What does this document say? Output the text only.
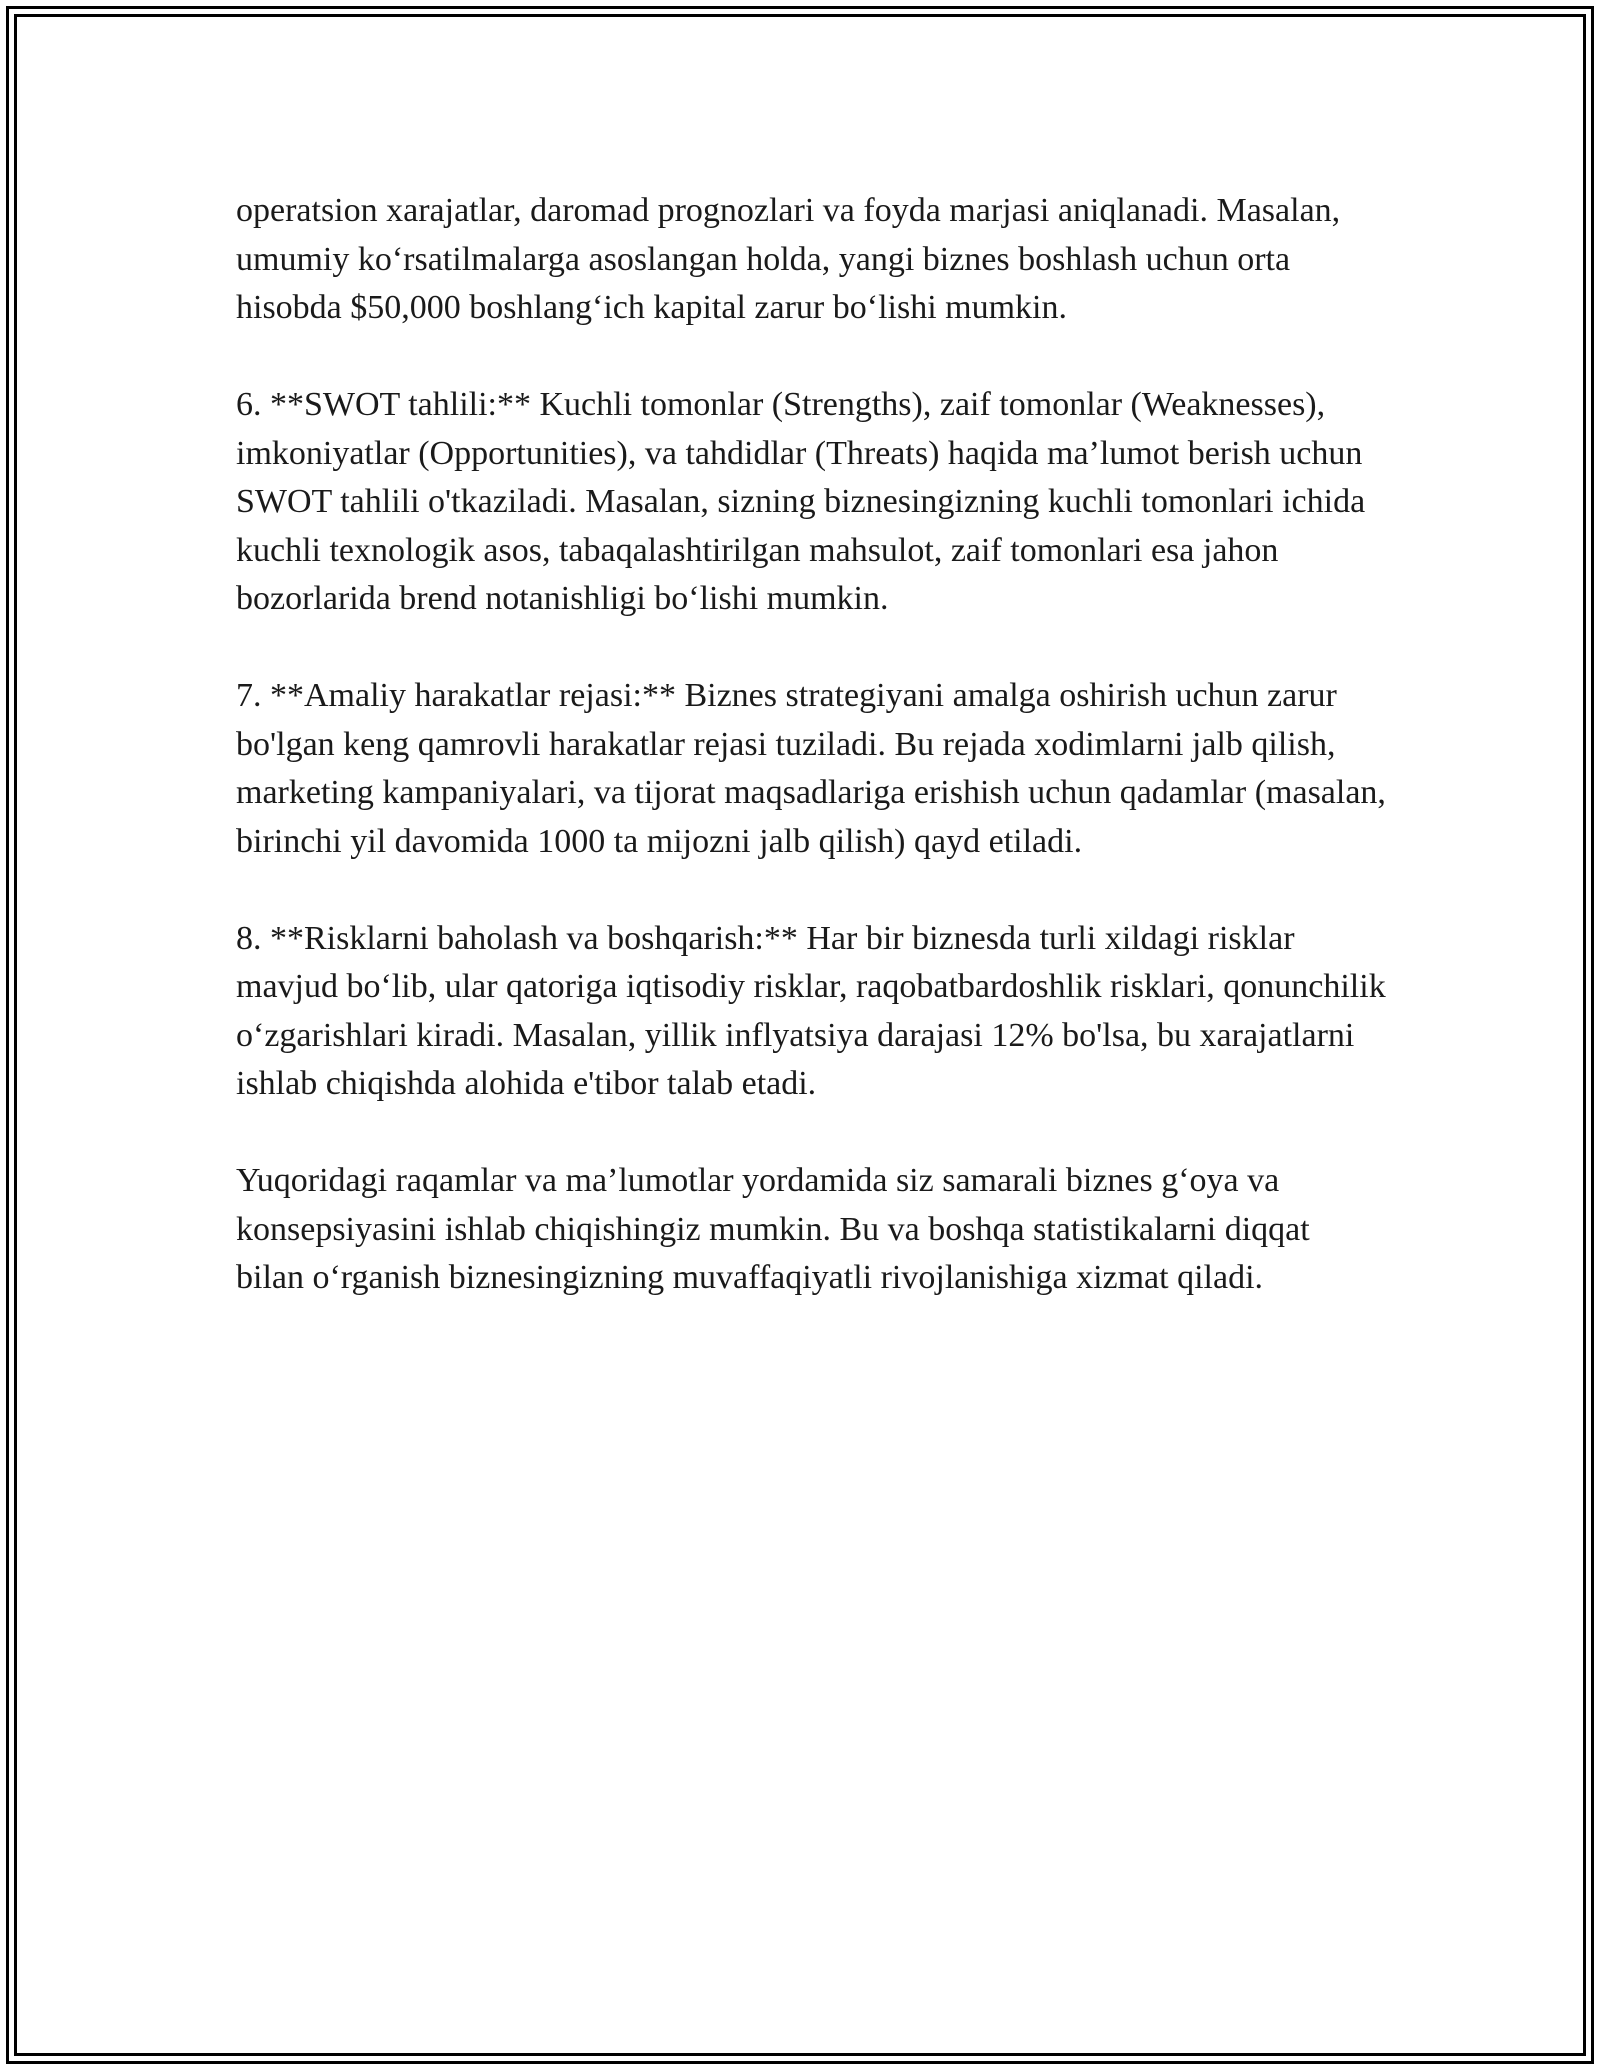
operatsion xarajatlar, daromad prognozlari va foyda marjasi aniqlanadi. Masalan, umumiy ko‘rsatilmalarga asoslangan holda, yangi biznes boshlash uchun orta hisobda $50,000 boshlang‘ich kapital zarur bo‘lishi mumkin.

6. **SWOT tahlili:** Kuchli tomonlar (Strengths), zaif tomonlar (Weaknesses), imkoniyatlar (Opportunities), va tahdidlar (Threats) haqida ma’lumot berish uchun SWOT tahlili o'tkaziladi. Masalan, sizning biznesingizning kuchli tomonlari ichida kuchli texnologik asos, tabaqalashtirilgan mahsulot, zaif tomonlari esa jahon bozorlarida brend notanishligi bo‘lishi mumkin.

7. **Amaliy harakatlar rejasi:** Biznes strategiyani amalga oshirish uchun zarur bo'lgan keng qamrovli harakatlar rejasi tuziladi. Bu rejada xodimlarni jalb qilish, marketing kampaniyalari, va tijorat maqsadlariga erishish uchun qadamlar (masalan, birinchi yil davomida 1000 ta mijozni jalb qilish) qayd etiladi.

8. **Risklarni baholash va boshqarish:** Har bir biznesda turli xildagi risklar mavjud bo‘lib, ular qatoriga iqtisodiy risklar, raqobatbardoshlik risklari, qonunchilik o‘zgarishlari kiradi. Masalan, yillik inflyatsiya darajasi 12% bo'lsa, bu xarajatlarni ishlab chiqishda alohida e'tibor talab etadi.

Yuqoridagi raqamlar va ma’lumotlar yordamida siz samarali biznes g‘oya va konsepsiyasini ishlab chiqishingiz mumkin. Bu va boshqa statistikalarni diqqat bilan o‘rganish biznesingizning muvaffaqiyatli rivojlanishiga xizmat qiladi.
